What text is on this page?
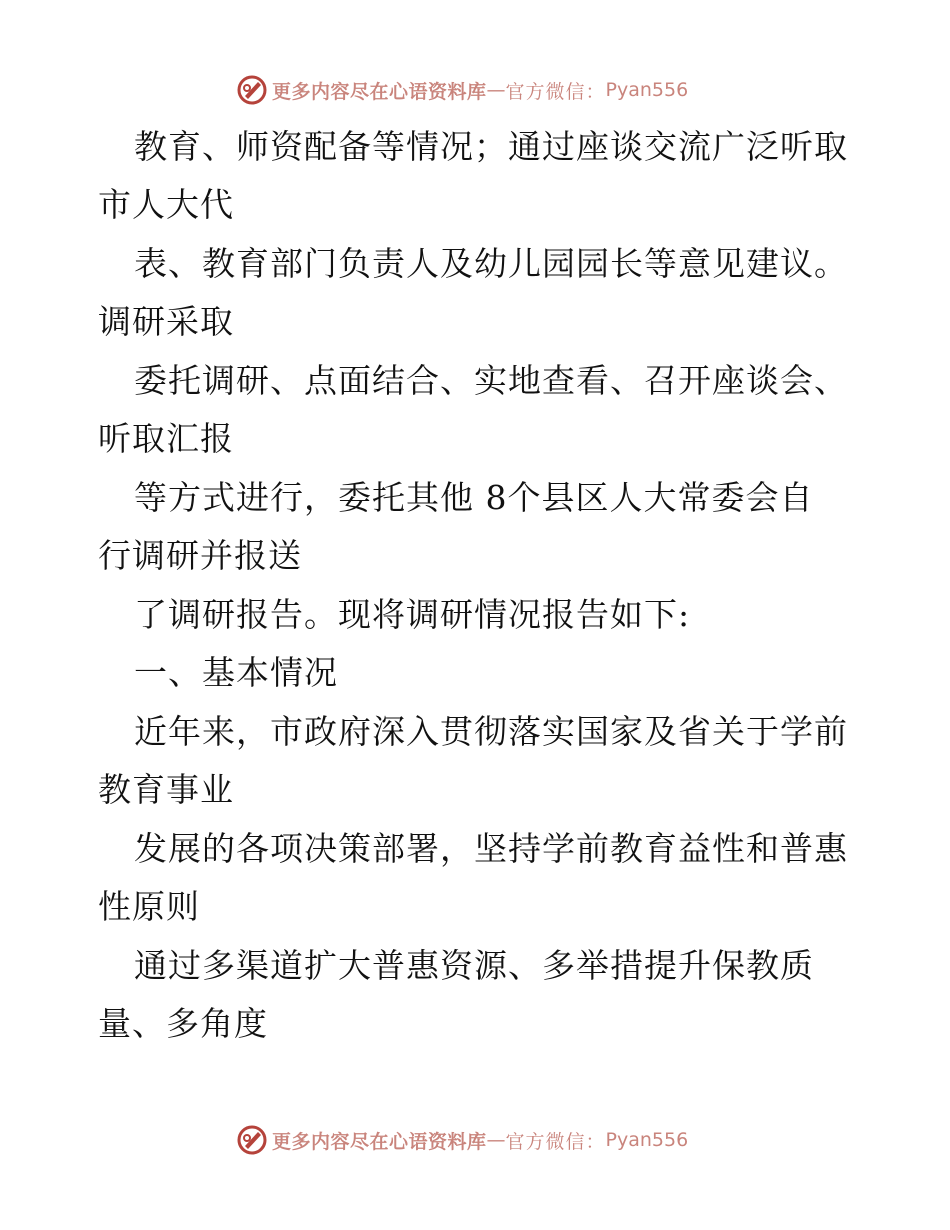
更多内容尽在心语资料库 — 官方微信： Pyan556
教育、师资配备等情况；通过座谈交流广泛听取
市人大代
表、教育部门负责人及幼儿园园长等意见建议。
调研采取
委托调研、点面结合、实地查看、召开座谈会、
听取汇报
等方式进行，委托其他 8个县区人大常委会自
行调研并报送
了调研报告。现将调研情况报告如下:
一、基本情况
近年来，市政府深入贯彻落实国家及省关于学前
教育事业
发展的各项决策部署，坚持学前教育益性和普惠
性原则
通过多渠道扩大普惠资源、多举措提升保教质
量、多角度
更多内容尽在心语资料库 — 官方微信： Pyan556
